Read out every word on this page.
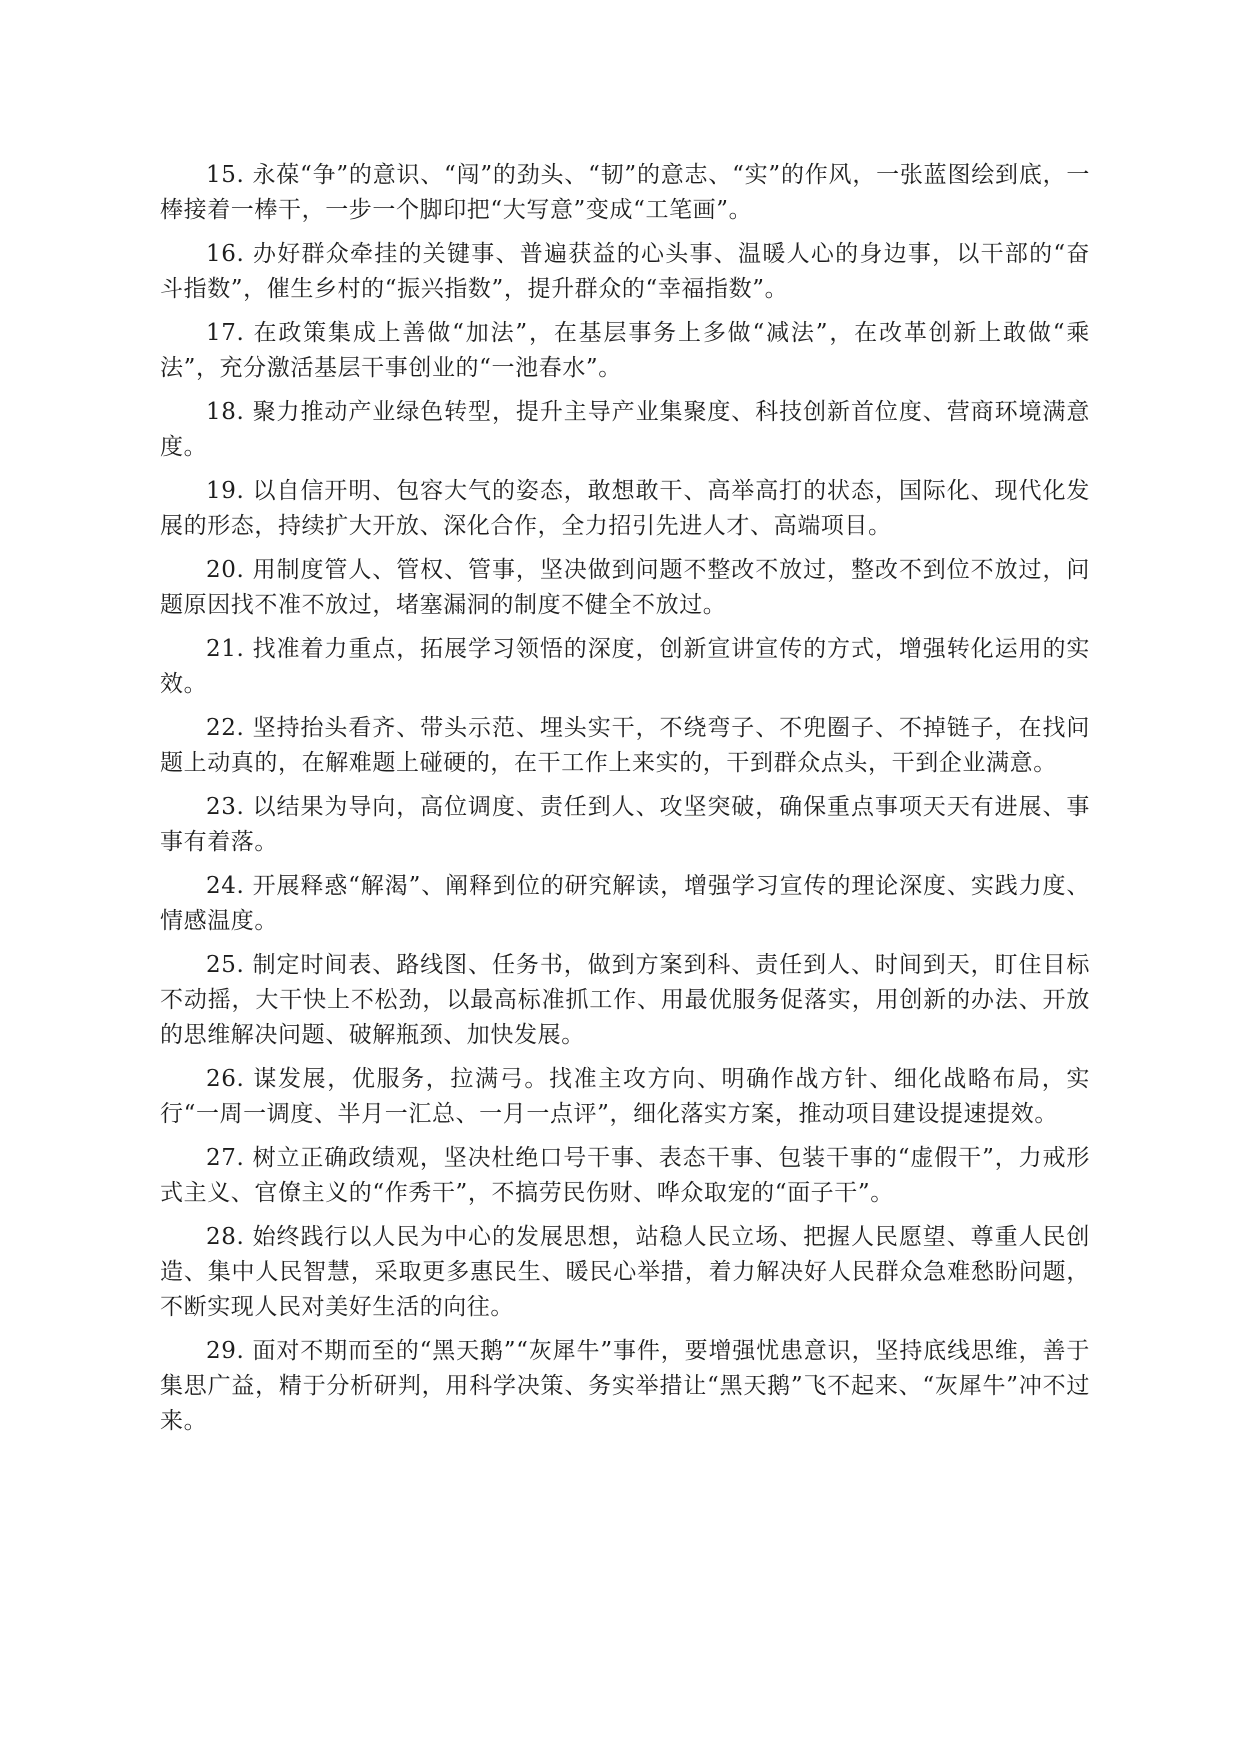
15. 永葆“争”的意识、“闯”的劲头、“韧”的意志、“实”的作风，一张蓝图绘到底，一棒接着一棒干，一步一个脚印把“大写意”变成“工笔画”。

16. 办好群众牵挂的关键事、普遍获益的心头事、温暖人心的身边事，以干部的“奋斗指数”，催生乡村的“振兴指数”，提升群众的“幸福指数”。

17. 在政策集成上善做“加法”，在基层事务上多做“减法”，在改革创新上敢做“乘法”，充分激活基层干事创业的“一池春水”。

18. 聚力推动产业绿色转型，提升主导产业集聚度、科技创新首位度、营商环境满意度。

19. 以自信开明、包容大气的姿态，敢想敢干、高举高打的状态，国际化、现代化发展的形态，持续扩大开放、深化合作，全力招引先进人才、高端项目。

20. 用制度管人、管权、管事，坚决做到问题不整改不放过，整改不到位不放过，问题原因找不准不放过，堵塞漏洞的制度不健全不放过。

21. 找准着力重点，拓展学习领悟的深度，创新宣讲宣传的方式，增强转化运用的实效。

22. 坚持抬头看齐、带头示范、埋头实干，不绕弯子、不兜圈子、不掉链子，在找问题上动真的，在解难题上碰硬的，在干工作上来实的，干到群众点头，干到企业满意。

23. 以结果为导向，高位调度、责任到人、攻坚突破，确保重点事项天天有进展、事事有着落。

24. 开展释惑“解渴”、阐释到位的研究解读，增强学习宣传的理论深度、实践力度、情感温度。

25. 制定时间表、路线图、任务书，做到方案到科、责任到人、时间到天，盯住目标不动摇，大干快上不松劲，以最高标准抓工作、用最优服务促落实，用创新的办法、开放的思维解决问题、破解瓶颈、加快发展。

26. 谋发展，优服务，拉满弓。找准主攻方向、明确作战方针、细化战略布局，实行“一周一调度、半月一汇总、一月一点评”，细化落实方案，推动项目建设提速提效。

27. 树立正确政绩观，坚决杜绝口号干事、表态干事、包装干事的“虚假干”，力戒形式主义、官僚主义的“作秀干”，不搞劳民伤财、哗众取宠的“面子干”。

28. 始终践行以人民为中心的发展思想，站稳人民立场、把握人民愿望、尊重人民创造、集中人民智慧，采取更多惠民生、暖民心举措，着力解决好人民群众急难愁盼问题，不断实现人民对美好生活的向往。

29. 面对不期而至的“黑天鹅”“灰犀牛”事件，要增强忧患意识，坚持底线思维，善于集思广益，精于分析研判，用科学决策、务实举措让“黑天鹅”飞不起来、“灰犀牛”冲不过来。
